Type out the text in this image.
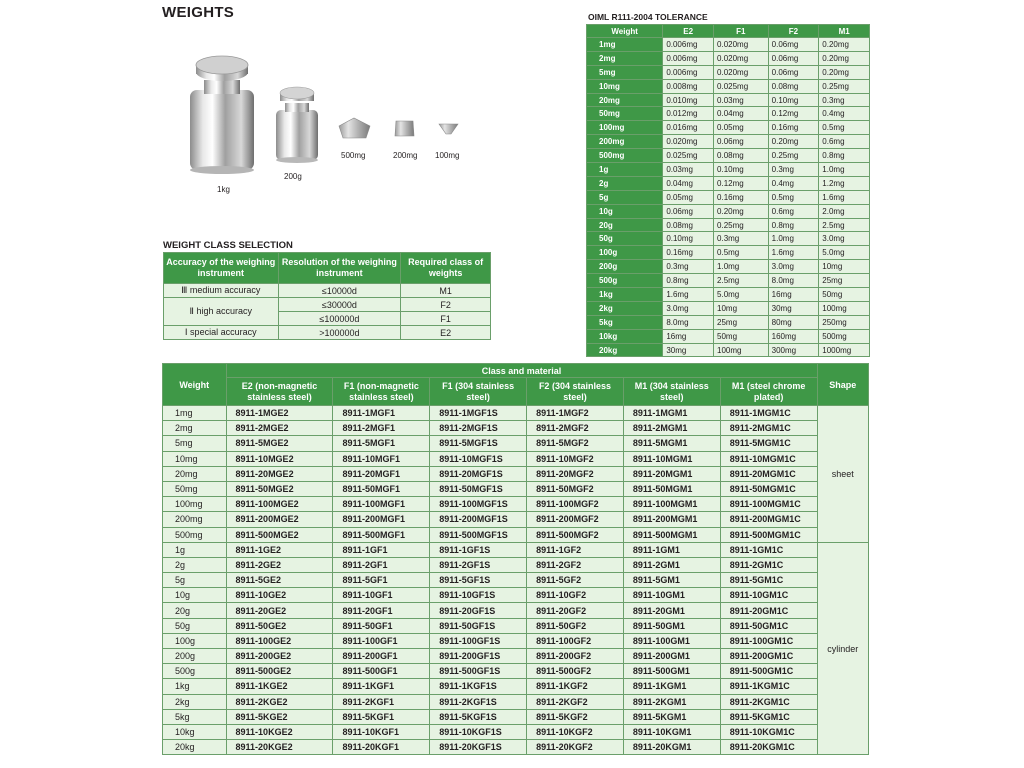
WEIGHTS
1kg
200g
500mg	200mg 100mg

OIML R111-2004 TOLERANCE

Weight	E2	F1	F2	M1
1mg	0.006mg	0.020mg	0.06mg	0.20mg
2mg	0.006mg	0.020mg	0.06mg	0.20mg
5mg	0.006mg	0.020mg	0.06mg	0.20mg
10mg	0.008mg	0.025mg	0.08mg	0.25mg
20mg	0.010mg	0.03mg	0.10mg	0.3mg
50mg	0.012mg	0.04mg	0.12mg	0.4mg
100mg	0.016mg	0.05mg	0.16mg	0.5mg
200mg	0.020mg	0.06mg	0.20mg	0.6mg
500mg	0.025mg	0.08mg	0.25mg	0.8mg
1g	0.03mg	0.10mg	0.3mg	1.0mg
2g	0.04mg	0.12mg	0.4mg	1.2mg
5g	0.05mg	0.16mg	0.5mg	1.6mg
10g	0.06mg	0.20mg	0.6mg	2.0mg
20g	0.08mg	0.25mg	0.8mg	2.5mg
50g	0.10mg	0.3mg	1.0mg	3.0mg
100g	0.16mg	0.5mg	1.6mg	5.0mg
200g	0.3mg	1.0mg	3.0mg	10mg
500g	0.8mg	2.5mg	8.0mg	25mg
1kg	1.6mg	5.0mg	16mg	50mg
2kg	3.0mg	10mg	30mg	100mg
5kg	8.0mg	25mg	80mg	250mg
10kg	16mg	50mg	160mg	500mg
20kg	30mg	100mg	300mg	1000mg

WEIGHT CLASS SELECTION

Accuracy of the weighing instrument	Resolution of the weighing instrument	Required class of weights
Ⅲ medium accuracy	≤10000d	M1
Ⅱ high accuracy	≤30000d	F2
	≤100000d	F1
Ⅰ special accuracy	>100000d	E2
Weight	Class and material						Shape
	E2 (non-magnetic stainless steel)	F1 (non-magnetic stainless steel)	F1 (304 stainless steel)	F2 (304 stainless steel)	M1 (304 stainless steel)	M1 (steel chrome plated)	
1mg	8911-1MGE2	8911-1MGF1	8911-1MGF1S	8911-1MGF2	8911-1MGM1	8911-1MGM1C	sheet
2mg	8911-2MGE2	8911-2MGF1	8911-2MGF1S	8911-2MGF2	8911-2MGM1	8911-2MGM1C	
5mg	8911-5MGE2	8911-5MGF1	8911-5MGF1S	8911-5MGF2	8911-5MGM1	8911-5MGM1C	
10mg	8911-10MGE2	8911-10MGF1	8911-10MGF1S	8911-10MGF2	8911-10MGM1	8911-10MGM1C	
20mg	8911-20MGE2	8911-20MGF1	8911-20MGF1S	8911-20MGF2	8911-20MGM1	8911-20MGM1C	
50mg	8911-50MGE2	8911-50MGF1	8911-50MGF1S	8911-50MGF2	8911-50MGM1	8911-50MGM1C	
100mg	8911-100MGE2	8911-100MGF1	8911-100MGF1S	8911-100MGF2	8911-100MGM1	8911-100MGM1C	
200mg	8911-200MGE2	8911-200MGF1	8911-200MGF1S	8911-200MGF2	8911-200MGM1	8911-200MGM1C	
500mg	8911-500MGE2	8911-500MGF1	8911-500MGF1S	8911-500MGF2	8911-500MGM1	8911-500MGM1C	
1g	8911-1GE2	8911-1GF1	8911-1GF1S	8911-1GF2	8911-1GM1	8911-1GM1C	cylinder
2g	8911-2GE2	8911-2GF1	8911-2GF1S	8911-2GF2	8911-2GM1	8911-2GM1C	
5g	8911-5GE2	8911-5GF1	8911-5GF1S	8911-5GF2	8911-5GM1	8911-5GM1C	
10g	8911-10GE2	8911-10GF1	8911-10GF1S	8911-10GF2	8911-10GM1	8911-10GM1C	
20g	8911-20GE2	8911-20GF1	8911-20GF1S	8911-20GF2	8911-20GM1	8911-20GM1C	
50g	8911-50GE2	8911-50GF1	8911-50GF1S	8911-50GF2	8911-50GM1	8911-50GM1C	
100g	8911-100GE2	8911-100GF1	8911-100GF1S	8911-100GF2	8911-100GM1	8911-100GM1C	
200g	8911-200GE2	8911-200GF1	8911-200GF1S	8911-200GF2	8911-200GM1	8911-200GM1C	
500g	8911-500GE2	8911-500GF1	8911-500GF1S	8911-500GF2	8911-500GM1	8911-500GM1C	
1kg	8911-1KGE2	8911-1KGF1	8911-1KGF1S	8911-1KGF2	8911-1KGM1	8911-1KGM1C	
2kg	8911-2KGE2	8911-2KGF1	8911-2KGF1S	8911-2KGF2	8911-2KGM1	8911-2KGM1C	
5kg	8911-5KGE2	8911-5KGF1	8911-5KGF1S	8911-5KGF2	8911-5KGM1	8911-5KGM1C	
10kg	8911-10KGE2	8911-10KGF1	8911-10KGF1S	8911-10KGF2	8911-10KGM1	8911-10KGM1C	
20kg	8911-20KGE2	8911-20KGF1	8911-20KGF1S	8911-20KGF2	8911-20KGM1	8911-20KGM1C	
